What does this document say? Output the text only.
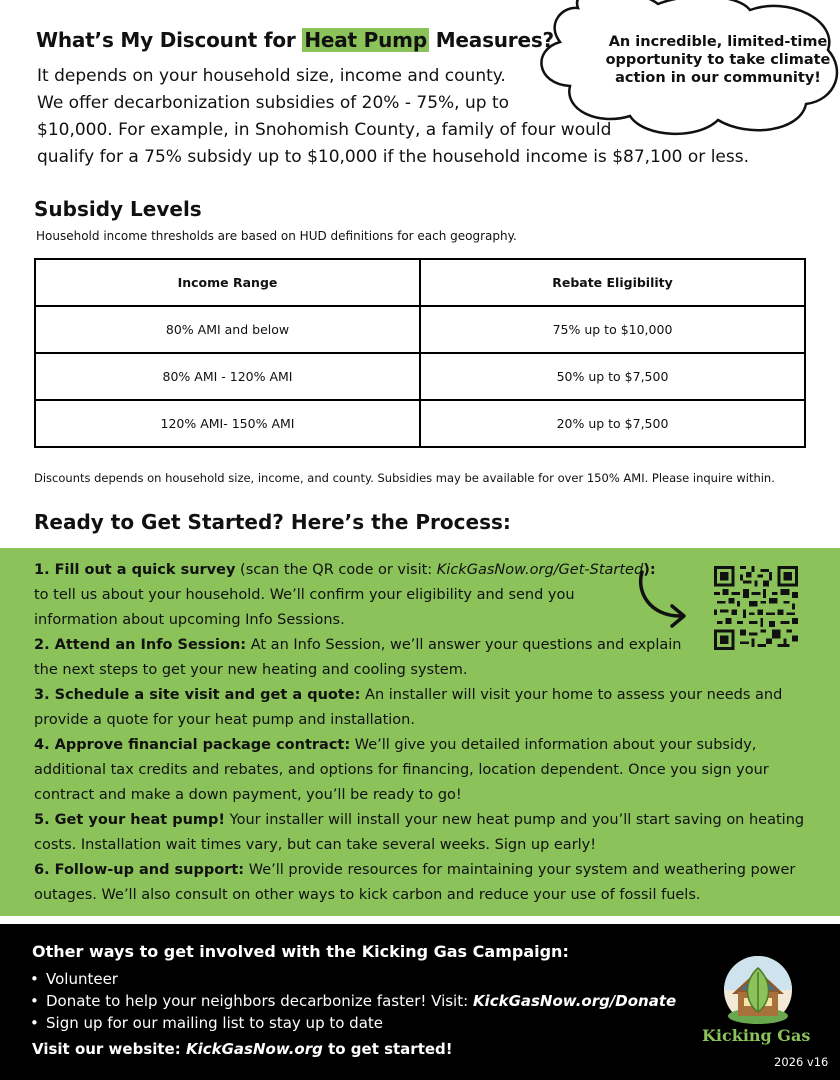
What’s My Discount for Heat Pump Measures?
It depends on your household size, income and county.
We offer decarbonization subsidies of 20% - 75%, up to
$10,000. For example, in Snohomish County, a family of four would
qualify for a 75% subsidy up to $10,000 if the household income is $87,100 or less.
An incredible, limited-time
opportunity to take climate
action in our community!
Subsidy Levels
Household income thresholds are based on HUD definitions for each geography.
Income Range	Rebate Eligibility
80% AMI and below	75% up to $10,000
80% AMI - 120% AMI	50% up to $7,500
120% AMI- 150% AMI	20% up to $7,500
Discounts depends on household size, income, and county. Subsidies may be available for over 150% AMI. Please inquire within.
Ready to Get Started? Here’s the Process:
1. Fill out a quick survey (scan the QR code or visit: KickGasNow.org/Get-Started):
to tell us about your household. We’ll confirm your eligibility and send you
information about upcoming Info Sessions.
2. Attend an Info Session: At an Info Session, we’ll answer your questions and explain
the next steps to get your new heating and cooling system.
3. Schedule a site visit and get a quote: An installer will visit your home to assess your needs and
provide a quote for your heat pump and installation.
4. Approve financial package contract: We’ll give you detailed information about your subsidy,
additional tax credits and rebates, and options for financing, location dependent. Once you sign your
contract and make a down payment, you’ll be ready to go!
5. Get your heat pump! Your installer will install your new heat pump and you’ll start saving on heating
costs. Installation wait times vary, but can take several weeks. Sign up early!
6. Follow-up and support: We’ll provide resources for maintaining your system and weathering power
outages. We’ll also consult on other ways to kick carbon and reduce your use of fossil fuels.
Other ways to get involved with the Kicking Gas Campaign:
• Volunteer
• Donate to help your neighbors decarbonize faster! Visit: KickGasNow.org/Donate
• Sign up for our mailing list to stay up to date
Visit our website: KickGasNow.org to get started!
Kicking Gas
2026 v16
